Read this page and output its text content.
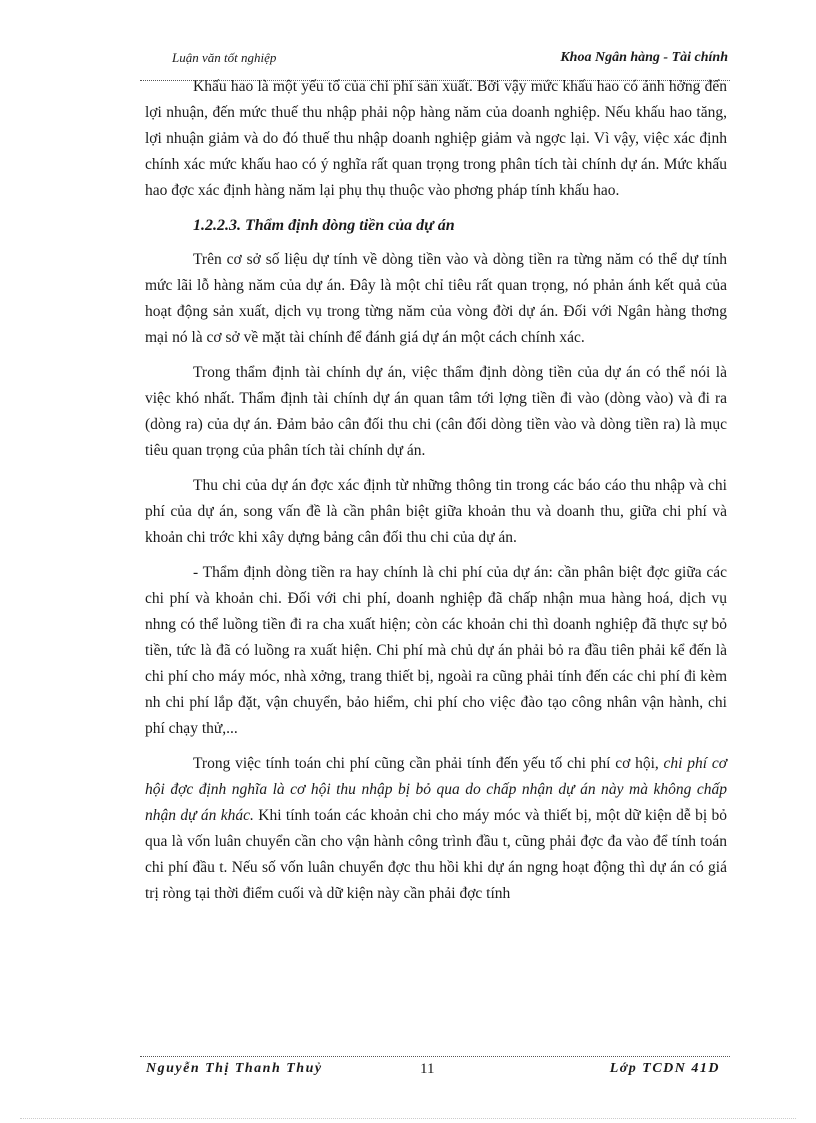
Luận văn tốt nghiệp	Khoa Ngân hàng - Tài chính

Khấu hao là một yếu tố của chi phí sản xuất. Bởi vậy mức khấu hao có ảnh hởng đến lợi nhuận, đến mức thuế thu nhập phải nộp hàng năm của doanh nghiệp. Nếu khấu hao tăng, lợi nhuận giảm và do đó thuế thu nhập doanh nghiệp giảm và ngợc lại. Vì vậy, việc xác định chính xác mức khấu hao có ý nghĩa rất quan trọng trong phân tích tài chính dự án. Mức khấu hao đợc xác định hàng năm lại phụ thụ thuộc vào phơng pháp tính khấu hao.

1.2.2.3. Thẩm định dòng tiền của dự án

Trên cơ sở số liệu dự tính về dòng tiền vào và dòng tiền ra từng năm có thể dự tính mức lãi lỗ hàng năm của dự án. Đây là một chỉ tiêu rất quan trọng, nó phản ánh kết quả của hoạt động sản xuất, dịch vụ trong từng năm của vòng đời dự án. Đối với Ngân hàng thơng mại nó là cơ sở về mặt tài chính để đánh giá dự án một cách chính xác.

Trong thẩm định tài chính dự án, việc thẩm định dòng tiền của dự án có thể nói là việc khó nhất. Thẩm định tài chính dự án quan tâm tới lợng tiền đi vào (dòng vào) và đi ra (dòng ra) của dự án. Đảm bảo cân đối thu chi (cân đối dòng tiền vào và dòng tiền ra) là mục tiêu quan trọng của phân tích tài chính dự án.

Thu chi của dự án đợc xác định từ những thông tin trong các báo cáo thu nhập và chi phí của dự án, song vấn đề là cần phân biệt giữa khoản thu và doanh thu, giữa chi phí và khoản chi trớc khi xây dựng bảng cân đối thu chi của dự án.

- Thẩm định dòng tiền ra hay chính là chi phí của dự án: cần phân biệt đợc giữa các chi phí và khoản chi. Đối với chi phí, doanh nghiệp đã chấp nhận mua hàng hoá, dịch vụ nhng có thể luồng tiền đi ra cha xuất hiện; còn các khoản chi thì doanh nghiệp đã thực sự bỏ tiền, tức là đã có luồng ra xuất hiện. Chi phí mà chủ dự án phải bỏ ra đầu tiên phải kể đến là chi phí cho máy móc, nhà xởng, trang thiết bị, ngoài ra cũng phải tính đến các chi phí đi kèm nh chi phí lắp đặt, vận chuyển, bảo hiểm, chi phí cho việc đào tạo công nhân vận hành, chi phí chạy thử,...

Trong việc tính toán chi phí cũng cần phải tính đến yếu tố chi phí cơ hội, chi phí cơ hội đợc định nghĩa là cơ hội thu nhập bị bỏ qua do chấp nhận dự án này mà không chấp nhận dự án khác. Khi tính toán các khoản chi cho máy móc và thiết bị, một dữ kiện dễ bị bỏ qua là vốn luân chuyển cần cho vận hành công trình đầu t, cũng phải đợc đa vào để tính toán chi phí đầu t. Nếu số vốn luân chuyển đợc thu hồi khi dự án ngng hoạt động thì dự án có giá trị ròng tại thời điểm cuối và dữ kiện này cần phải đợc tính

Nguyễn Thị Thanh Thuỷ	11	Lớp TCDN 41D
